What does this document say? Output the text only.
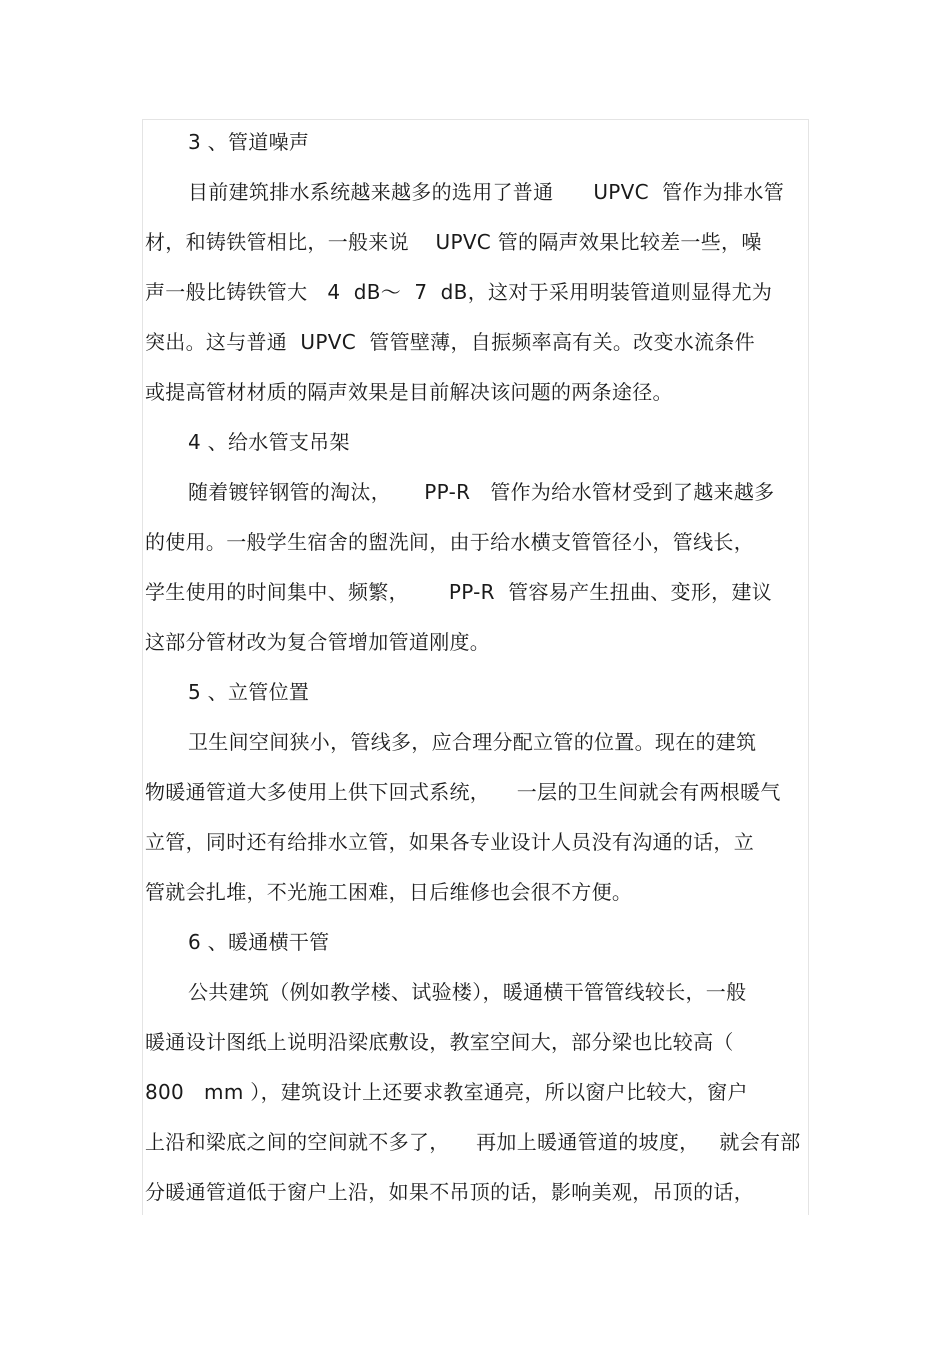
3 、管道噪声
目前建筑排水系统越来越多的选用了普通      UPVC  管作为排水管
材，和铸铁管相比，一般来说    UPVC 管的隔声效果比较差一些，噪
声一般比铸铁管大   4  dB～  7  dB，这对于采用明装管道则显得尤为
突出。这与普通  UPVC  管管壁薄，自振频率高有关。改变水流条件
或提高管材材质的隔声效果是目前解决该问题的两条途径。
4 、给水管支吊架
随着镀锌钢管的淘汰，     PP-R   管作为给水管材受到了越来越多
的使用。一般学生宿舍的盥洗间，由于给水横支管管径小，管线长，
学生使用的时间集中、频繁，      PP-R  管容易产生扭曲、变形，建议
这部分管材改为复合管增加管道刚度。
5 、立管位置
卫生间空间狭小，管线多，应合理分配立管的位置。现在的建筑
物暖通管道大多使用上供下回式系统，    一层的卫生间就会有两根暖气
立管，同时还有给排水立管，如果各专业设计人员没有沟通的话，立
管就会扎堆，不光施工困难，日后维修也会很不方便。
6 、暖通横干管
公共建筑（例如教学楼、试验楼），暖通横干管管线较长，一般
暖通设计图纸上说明沿梁底敷设，教室空间大，部分梁也比较高（
800   mm ），建筑设计上还要求教室通亮，所以窗户比较大，窗户
上沿和梁底之间的空间就不多了，    再加上暖通管道的坡度，   就会有部
分暖通管道低于窗户上沿，如果不吊顶的话，影响美观，吊顶的话，
